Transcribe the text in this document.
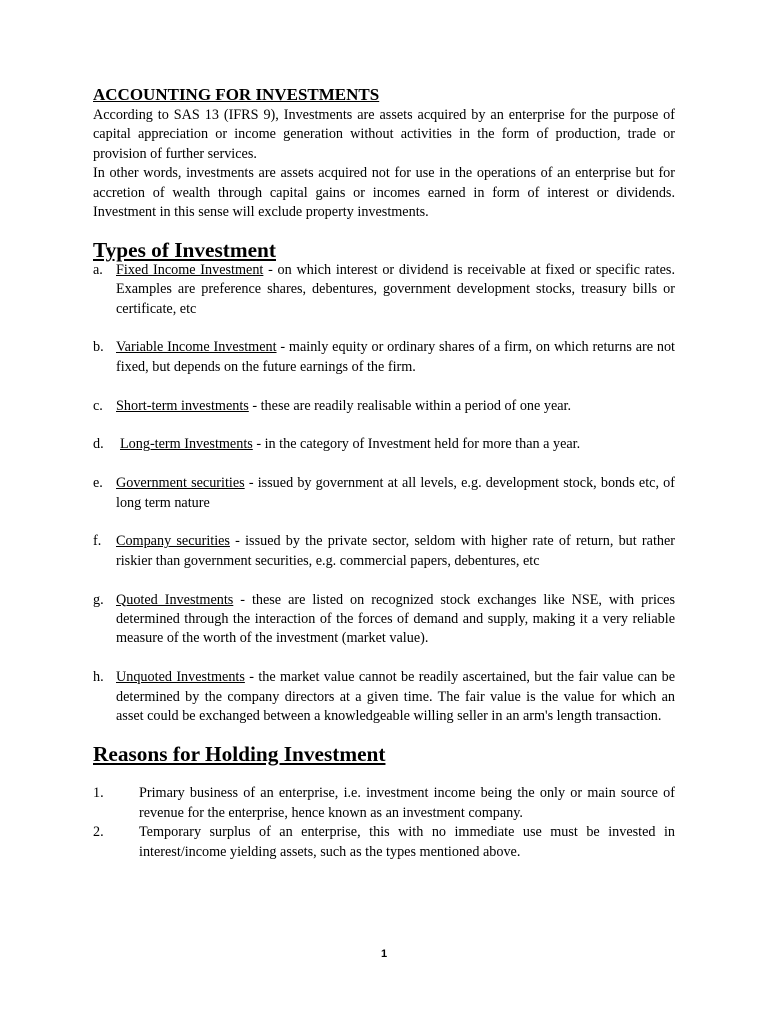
ACCOUNTING FOR INVESTMENTS

According to SAS 13 (IFRS 9), Investments are assets acquired by an enterprise for the purpose of capital appreciation or income generation without activities in the form of production, trade or provision of further services.

In other words, investments are assets acquired not for use in the operations of an enterprise but for accretion of wealth through capital gains or incomes earned in form of interest or dividends. Investment in this sense will exclude property investments.

Types of Investment
a. Fixed Income Investment - on which interest or dividend is receivable at fixed or specific rates. Examples are preference shares, debentures, government development stocks, treasury bills or certificate, etc
b. Variable Income Investment - mainly equity or ordinary shares of a firm, on which returns are not fixed, but depends on the future earnings of the firm.
c. Short-term investments - these are readily realisable within a period of one year.
d. Long-term Investments - in the category of Investment held for more than a year.
e. Government securities - issued by government at all levels, e.g. development stock, bonds etc, of long term nature
f. Company securities - issued by the private sector, seldom with higher rate of return, but rather riskier than government securities, e.g. commercial papers, debentures, etc
g. Quoted Investments - these are listed on recognized stock exchanges like NSE, with prices determined through the interaction of the forces of demand and supply, making it a very reliable measure of the worth of the investment (market value).
h. Unquoted Investments - the market value cannot be readily ascertained, but the fair value can be determined by the company directors at a given time. The fair value is the value for which an asset could be exchanged between a knowledgeable willing seller in an arm's length transaction.
Reasons for Holding Investment
1. Primary business of an enterprise, i.e. investment income being the only or main source of revenue for the enterprise, hence known as an investment company.
2. Temporary surplus of an enterprise, this with no immediate use must be invested in interest/income yielding assets, such as the types mentioned above.
1
